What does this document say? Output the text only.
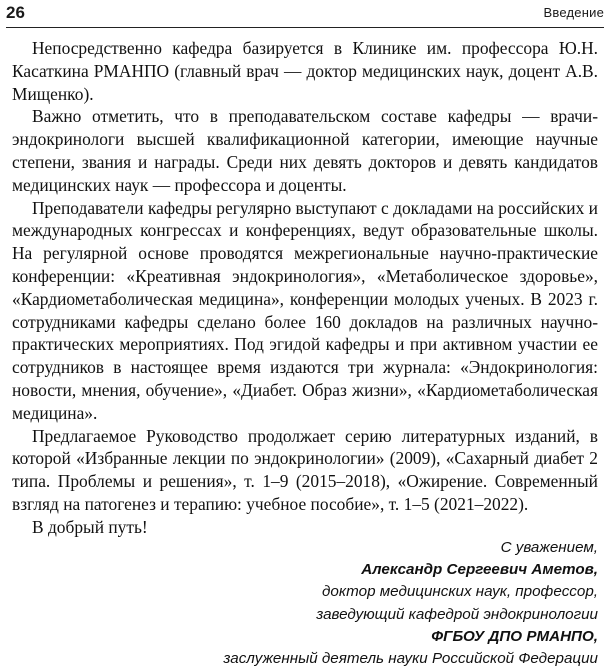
26	Введение

Непосредственно кафедра базируется в Клинике им. профессора Ю.Н. Касаткина РМАНПО (главный врач — доктор медицинских наук, доцент А.В. Мищенко).

Важно отметить, что в преподавательском составе кафедры — врачи-эндокринологи высшей квалификационной категории, имеющие научные степени, звания и награды. Среди них девять докторов и девять кандидатов медицинских наук — профессора и доценты.

Преподаватели кафедры регулярно выступают с докладами на российских и международных конгрессах и конференциях, ведут образовательные школы. На регулярной основе проводятся межрегиональные научно-практические конференции: «Креативная эндокринология», «Метаболическое здоровье», «Кардиометаболическая медицина», конференции молодых ученых. В 2023 г. сотрудниками кафедры сделано более 160 докладов на различных научно-практических мероприятиях. Под эгидой кафедры и при активном участии ее сотрудников в настоящее время издаются три журнала: «Эндокринология: новости, мнения, обучение», «Диабет. Образ жизни», «Кардиометаболическая медицина».

Предлагаемое Руководство продолжает серию литературных изданий, в которой «Избранные лекции по эндокринологии» (2009), «Сахарный диабет 2 типа. Проблемы и решения», т. 1–9 (2015–2018), «Ожирение. Современный взгляд на патогенез и терапию: учебное пособие», т. 1–5 (2021–2022).

В добрый путь!

С уважением,
Александр Сергеевич Аметов,
доктор медицинских наук, профессор,
заведующий кафедрой эндокринологии
ФГБОУ ДПО РМАНПО,
заслуженный деятель науки Российской Федерации
